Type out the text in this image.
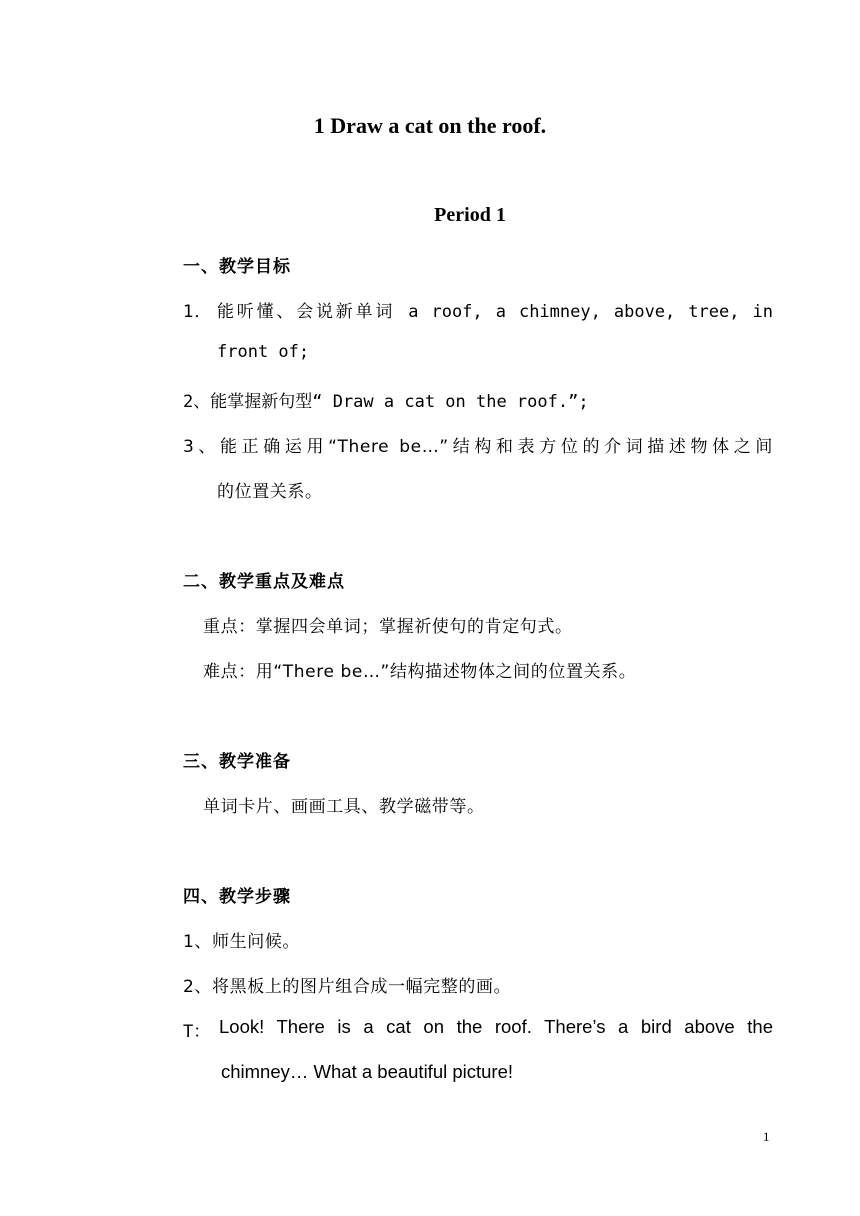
1 Draw a cat on the roof.
Period 1
一、教学目标
1． 能听懂、会说新单词 a roof, a chimney, above, tree, in
front of;
2、能掌握新句型“ Draw a cat on the roof.”;
3、能正确运用“There be…”结构和表方位的介词描述物体之间
的位置关系。
二、教学重点及难点
重点：掌握四会单词；掌握祈使句的肯定句式。
难点：用“There be…”结构描述物体之间的位置关系。
三、教学准备
单词卡片、画画工具、教学磁带等。
四、教学步骤
1、师生问候。
2、将黑板上的图片组合成一幅完整的画。
T： Look! There is a cat on the roof. There’s a bird above the
chimney… What a beautiful picture!
1
